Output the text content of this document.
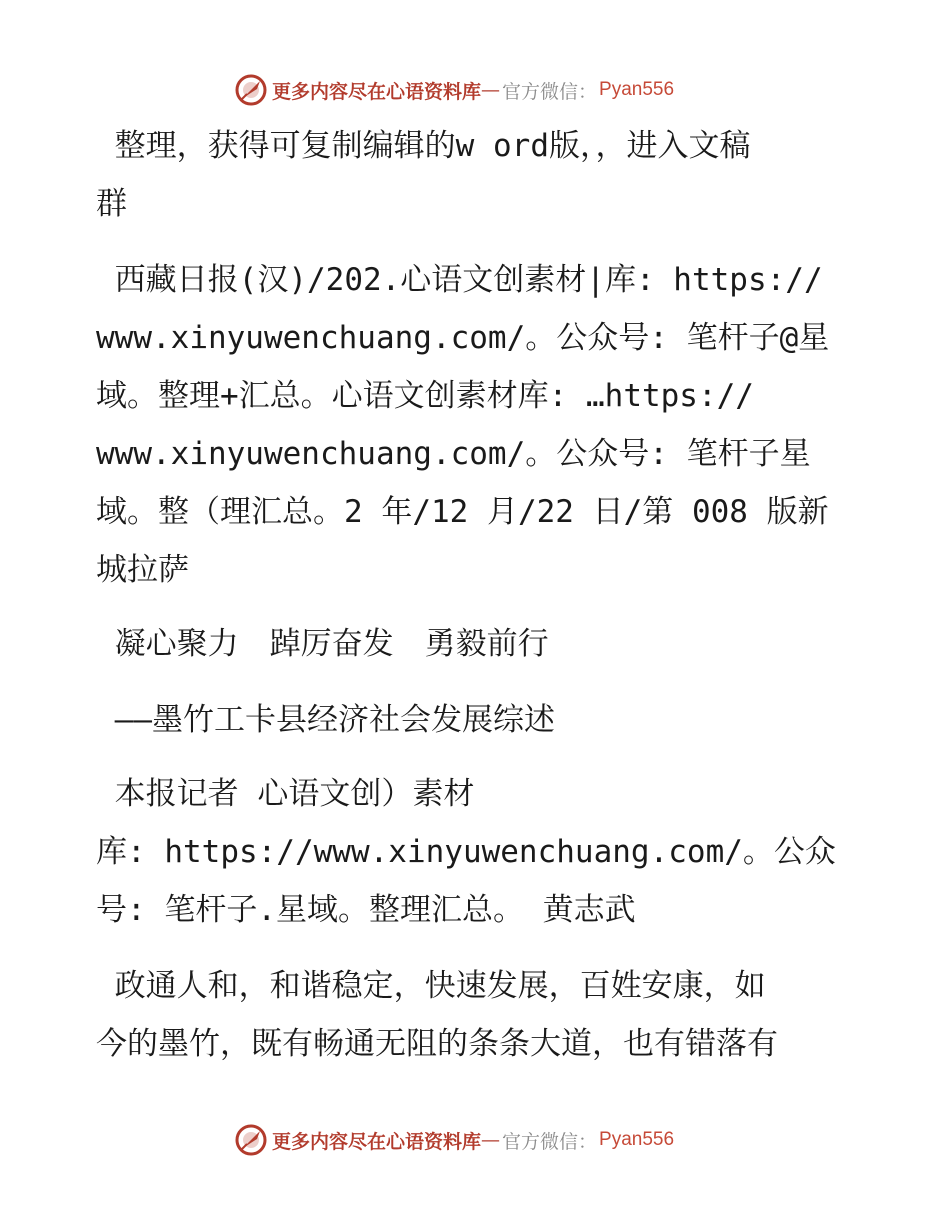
更多内容尽在心语资料库 — 官方微信： Pyan556
整理，获得可复制编辑的w ord版，，进入文稿
群
西藏日报(汉)/202.心语文创素材|库: https://
www.xinyuwenchuang.com/。公众号: 笔杆子@星
域。整理+汇总。心语文创素材库: …https://
www.xinyuwenchuang.com/。公众号: 笔杆子星
域。整（理汇总。2 年/12 月/22 日/第 008 版新
城拉萨
凝心聚力　踔厉奋发　勇毅前行
——墨竹工卡县经济社会发展综述
本报记者 心语文创）素材
库: https://www.xinyuwenchuang.com/。公众
号: 笔杆子.星域。整理汇总。 黄志武
政通人和，和谐稳定，快速发展，百姓安康，如
今的墨竹，既有畅通无阻的条条大道，也有错落有
更多内容尽在心语资料库 — 官方微信： Pyan556
